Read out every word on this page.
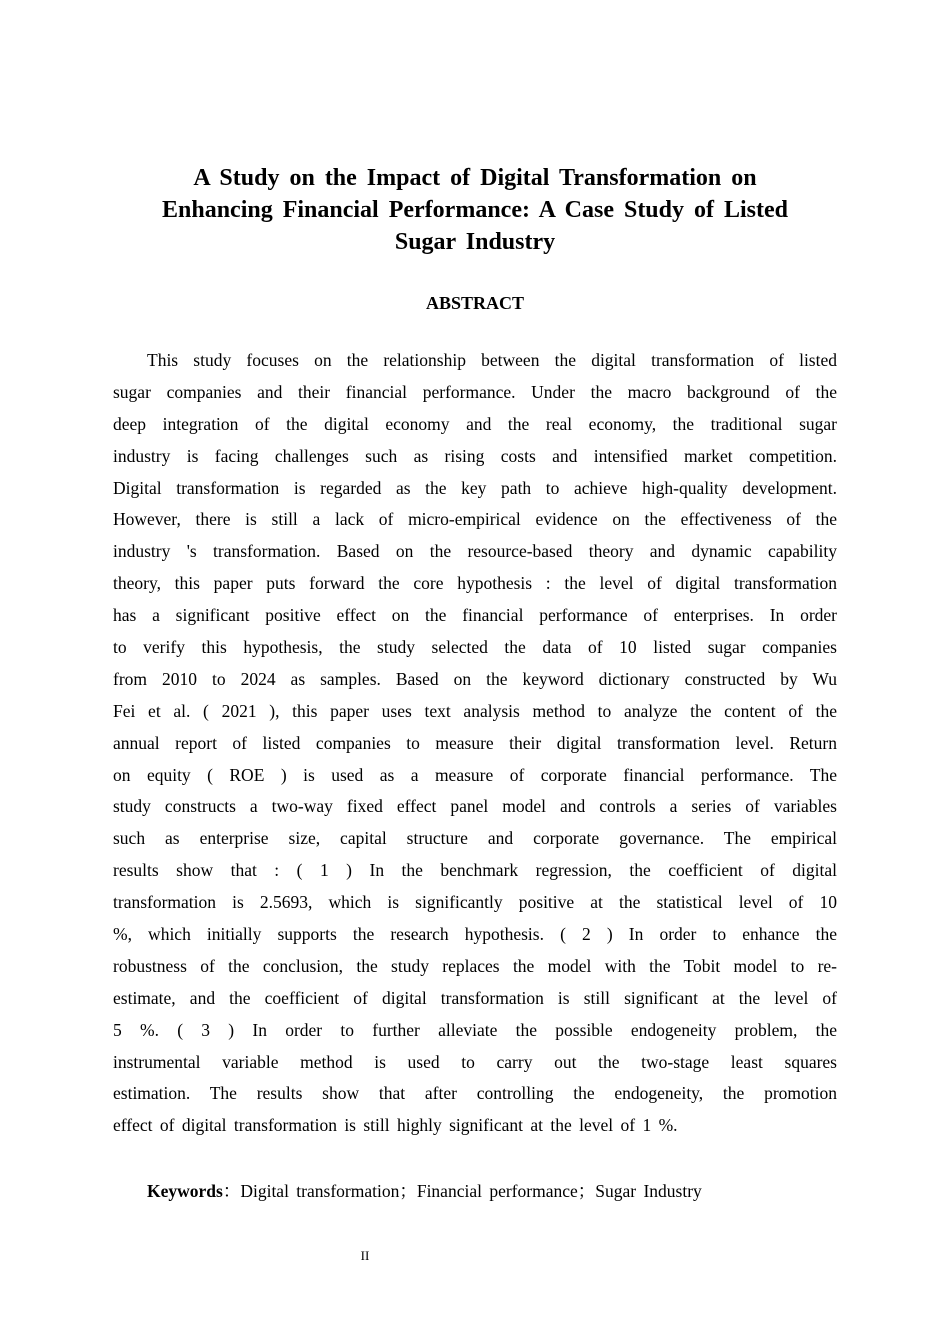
A Study on the Impact of Digital Transformation on
Enhancing Financial Performance: A Case Study of Listed
Sugar Industry
ABSTRACT
This study focuses on the relationship between the digital transformation of listed
sugar companies and their financial performance. Under the macro background of the
deep integration of the digital economy and the real economy, the traditional sugar
industry is facing challenges such as rising costs and intensified market competition.
Digital transformation is regarded as the key path to achieve high-quality development.
However, there is still a lack of micro-empirical evidence on the effectiveness of the
industry 's transformation. Based on the resource-based theory and dynamic capability
theory, this paper puts forward the core hypothesis : the level of digital transformation
has a significant positive effect on the financial performance of enterprises. In order
to verify this hypothesis, the study selected the data of 10 listed sugar companies
from 2010 to 2024 as samples. Based on the keyword dictionary constructed by Wu
Fei et al. ( 2021 ), this paper uses text analysis method to analyze the content of the
annual report of listed companies to measure their digital transformation level. Return
on equity ( ROE ) is used as a measure of corporate financial performance. The
study constructs a two-way fixed effect panel model and controls a series of variables
such as enterprise size, capital structure and corporate governance. The empirical
results show that : ( 1 ) In the benchmark regression, the coefficient of digital
transformation is 2.5693, which is significantly positive at the statistical level of 10
%, which initially supports the research hypothesis. ( 2 ) In order to enhance the
robustness of the conclusion, the study replaces the model with the Tobit model to re-
estimate, and the coefficient of digital transformation is still significant at the level of
5 %. ( 3 ) In order to further alleviate the possible endogeneity problem, the
instrumental variable method is used to carry out the two-stage least squares
estimation. The results show that after controlling the endogeneity, the promotion
effect of digital transformation is still highly significant at the level of 1 %.

Keywords：Digital transformation；Financial performance；Sugar Industry

II
